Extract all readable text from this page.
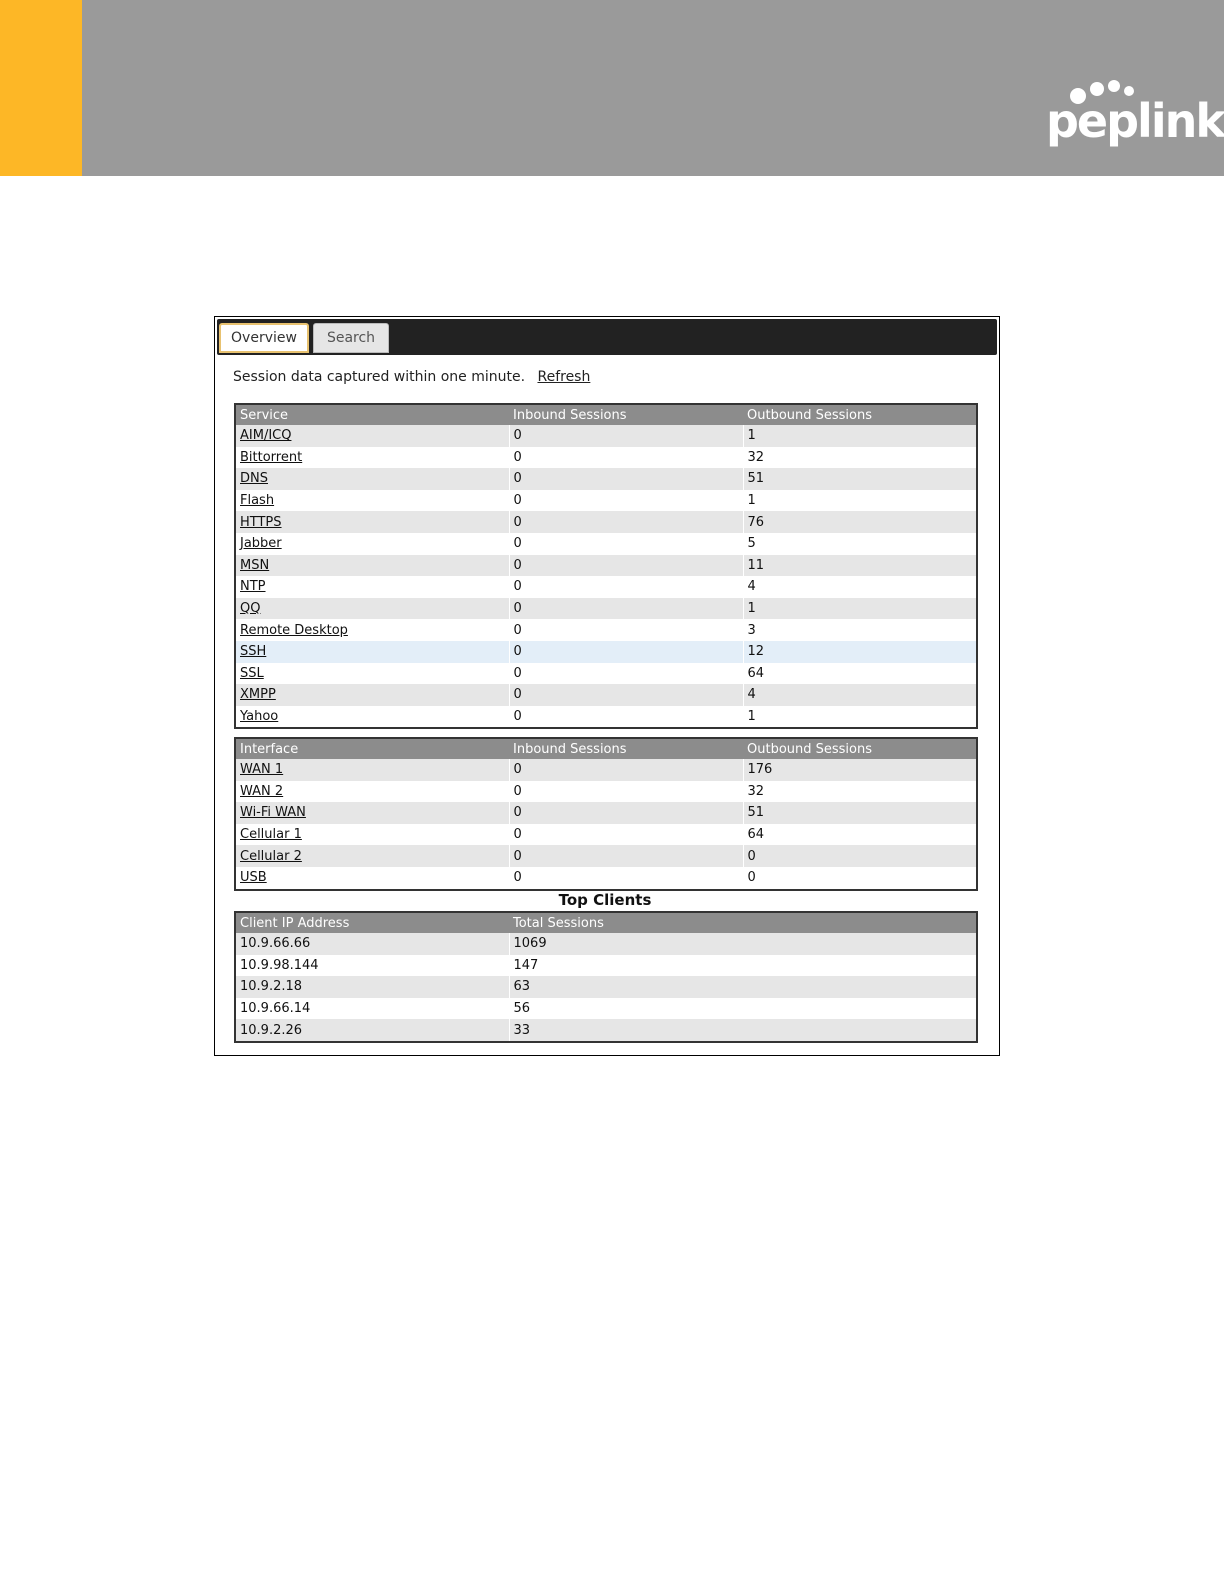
peplink
Overview	Search
Session data captured within one minute. Refresh
Service	Inbound Sessions	Outbound Sessions
AIM/ICQ	0	1
Bittorrent	0	32
DNS	0	51
Flash	0	1
HTTPS	0	76
Jabber	0	5
MSN	0	11
NTP	0	4
QQ	0	1
Remote Desktop	0	3
SSH	0	12
SSL	0	64
XMPP	0	4
Yahoo	0	1
Interface	Inbound Sessions	Outbound Sessions
WAN 1	0	176
WAN 2	0	32
Wi-Fi WAN	0	51
Cellular 1	0	64
Cellular 2	0	0
USB	0	0
Top Clients
Client IP Address	Total Sessions
10.9.66.66	1069
10.9.98.144	147
10.9.2.18	63
10.9.66.14	56
10.9.2.26	33
